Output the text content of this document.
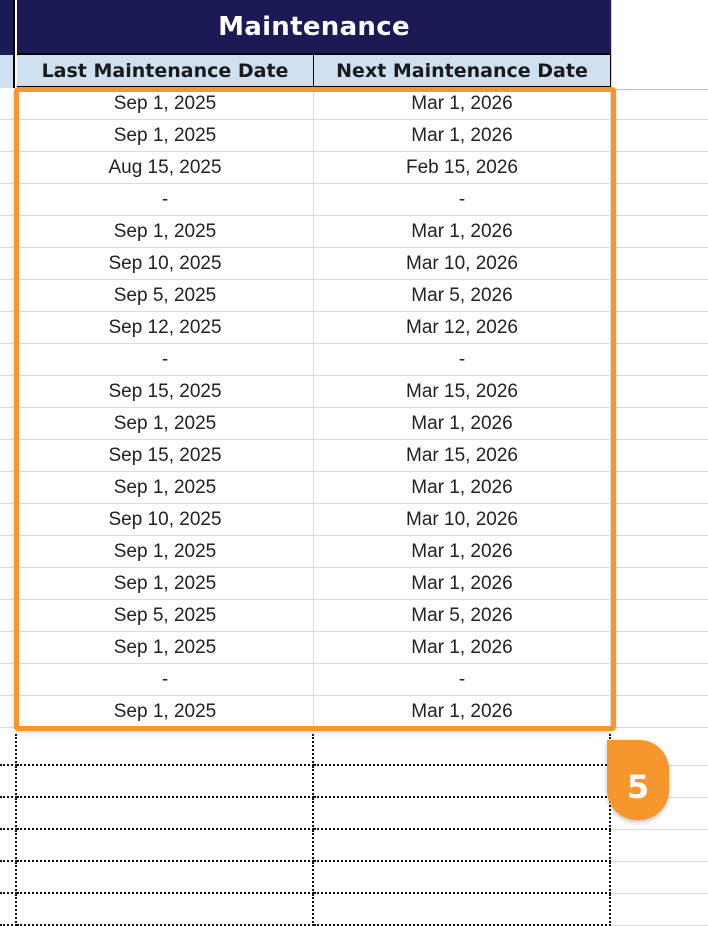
Maintenance
Last Maintenance Date	Next Maintenance Date
Sep 1, 2025	Mar 1, 2026
Sep 1, 2025	Mar 1, 2026
Aug 15, 2025	Feb 15, 2026
-	-
Sep 1, 2025	Mar 1, 2026
Sep 10, 2025	Mar 10, 2026
Sep 5, 2025	Mar 5, 2026
Sep 12, 2025	Mar 12, 2026
-	-
Sep 15, 2025	Mar 15, 2026
Sep 1, 2025	Mar 1, 2026
Sep 15, 2025	Mar 15, 2026
Sep 1, 2025	Mar 1, 2026
Sep 10, 2025	Mar 10, 2026
Sep 1, 2025	Mar 1, 2026
Sep 1, 2025	Mar 1, 2026
Sep 5, 2025	Mar 5, 2026
Sep 1, 2025	Mar 1, 2026
-	-
Sep 1, 2025	Mar 1, 2026
5
